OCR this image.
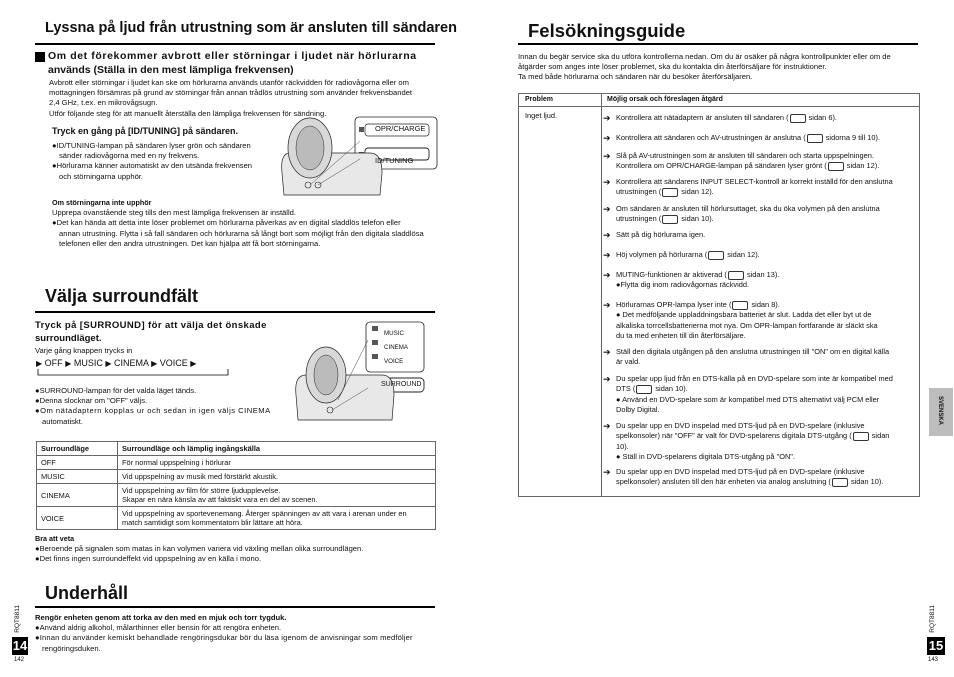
Lyssna på ljud från utrustning som är ansluten till sändaren
Om det förekommer avbrott eller störningar i ljudet när hörlurarna
används (Ställa in den mest lämpliga frekvensen)
Avbrott eller störningar i ljudet kan ske om hörlurarna används utanför räckvidden för radiovågorna eller om
mottagningen försämras på grund av störningar från annan trådlös utrustning som använder frekvensbandet
2,4 GHz, t.ex. en mikrovågsugn.
Utför följande steg för att manuellt återställa den lämpliga frekvensen för sändning.
Tryck en gång på [ID/TUNING] på sändaren.
● ID/TUNING-lampan på sändaren lyser grön och sändaren
sänder radiovågorna med en ny frekvens.
● Hörlurarna känner automatiskt av den utsända frekvensen
och störningarna upphör.
OPR/CHARGE
ID/TUNING
Om störningarna inte upphör
Upprepa ovanstående steg tills den mest lämpliga frekvensen är inställd.
● Det kan hända att detta inte löser problemet om hörlurarna påverkas av en digital sladdlös telefon eller
annan utrustning. Flytta i så fall sändaren och hörlurarna så långt bort som möjligt från den digitala sladdlösa
telefonen eller den andra utrustningen. Det kan hjälpa att få bort störningarna.
Välja surroundfält
Tryck på [SURROUND] för att välja det önskade
surroundläget.
Varje gång knappen trycks in
▶ OFF ▶ MUSIC ▶ CINEMA ▶ VOICE ▶
● SURROUND-lampan för det valda läget tänds.
● Denna slocknar om "OFF" väljs.
● Om nätadaptern kopplas ur och sedan in igen väljs CINEMA
automatiskt.
MUSIC
CINEMA
VOICE
SURROUND
Surroundläge	Surroundläge och lämplig ingångskälla
OFF	För normal uppspelning i hörlurar
MUSIC	Vid uppspelning av musik med förstärkt akustik.
CINEMA	Vid uppspelning av film för större ljudupplevelse.
Skapar en nära känsla av att faktiskt vara en del av scenen.

VOICE	Vid uppspelning av sportevenemang. Återger spänningen av att vara i arenan under en
match samtidigt som kommentatorn blir lättare att höra.
Bra att veta
● Beroende på signalen som matas in kan volymen variera vid växling mellan olika surroundlägen.
● Det finns ingen surroundeffekt vid uppspelning av en källa i mono.
Underhåll
Rengör enheten genom att torka av den med en mjuk och torr tygduk.
● Använd aldrig alkohol, målarthinner eller bensin för att rengöra enheten.
● Innan du använder kemiskt behandlade rengöringsdukar bör du läsa igenom de anvisningar som medföljer
rengöringsduken.
RQT8811
14
142
Felsökningsguide
Innan du begär service ska du utföra kontrollerna nedan. Om du är osäker på några kontrollpunkter eller om de
åtgärder som anges inte löser problemet, ska du kontakta din återförsäljare för instruktioner.
Ta med både hörlurarna och sändaren när du besöker återförsäljaren.
Problem	Möjlig orsak och föreslagen åtgärd
Inget ljud.	➔ Kontrollera att nätadaptern är ansluten till sändaren ( sidan 6).
➔ Kontrollera att sändaren och AV-utrustningen är anslutna ( sidorna 9 till 10).
➔ Slå på AV-utrustningen som är ansluten till sändaren och starta uppspelningen.
Kontrollera om OPR/CHARGE-lampan på sändaren lyser grönt ( sidan 12).
➔ Kontrollera att sändarens INPUT SELECT-kontroll är korrekt inställd för den anslutna
utrustningen ( sidan 12).
➔ Om sändaren är ansluten till hörlursuttaget, ska du öka volymen på den anslutna
utrustningen ( sidan 10).
➔ Sätt på dig hörlurarna igen.
➔ Höj volymen på hörlurarna ( sidan 12).
➔ MUTING-funktionen är aktiverad ( sidan 13).
●Flytta dig inom radiovågornas räckvidd.
➔ Hörlurarnas OPR-lampa lyser inte ( sidan 8).
● Det medföljande uppladdningsbara batteriet är slut. Ladda det eller byt ut de
alkaliska torrcellsbatterierna mot nya. Om OPR-lampan fortfarande är släckt ska
du ta med enheten till din återförsäljare.
➔ Ställ den digitala utgången på den anslutna utrustningen till "ON" om en digital källa
är vald.
➔ Du spelar upp ljud från en DTS-källa på en DVD-spelare som inte är kompatibel med
DTS ( sidan 10).
● Använd en DVD-spelare som är kompatibel med DTS alternativt välj PCM eller
Dolby Digital.
➔ Du spelar upp en DVD inspelad med DTS-ljud på en DVD-spelare (inklusive
spelkonsoler) när "OFF" är valt för DVD-spelarens digitala DTS-utgång ( sidan
10).
● Ställ in DVD-spelarens digitala DTS-utgång på "ON".
➔ Du spelar upp en DVD inspelad med DTS-ljud på en DVD-spelare (inklusive
spelkonsoler) ansluten till den här enheten via analog anslutning ( sidan 10).
SVENSKA
RQT8811
15
143
